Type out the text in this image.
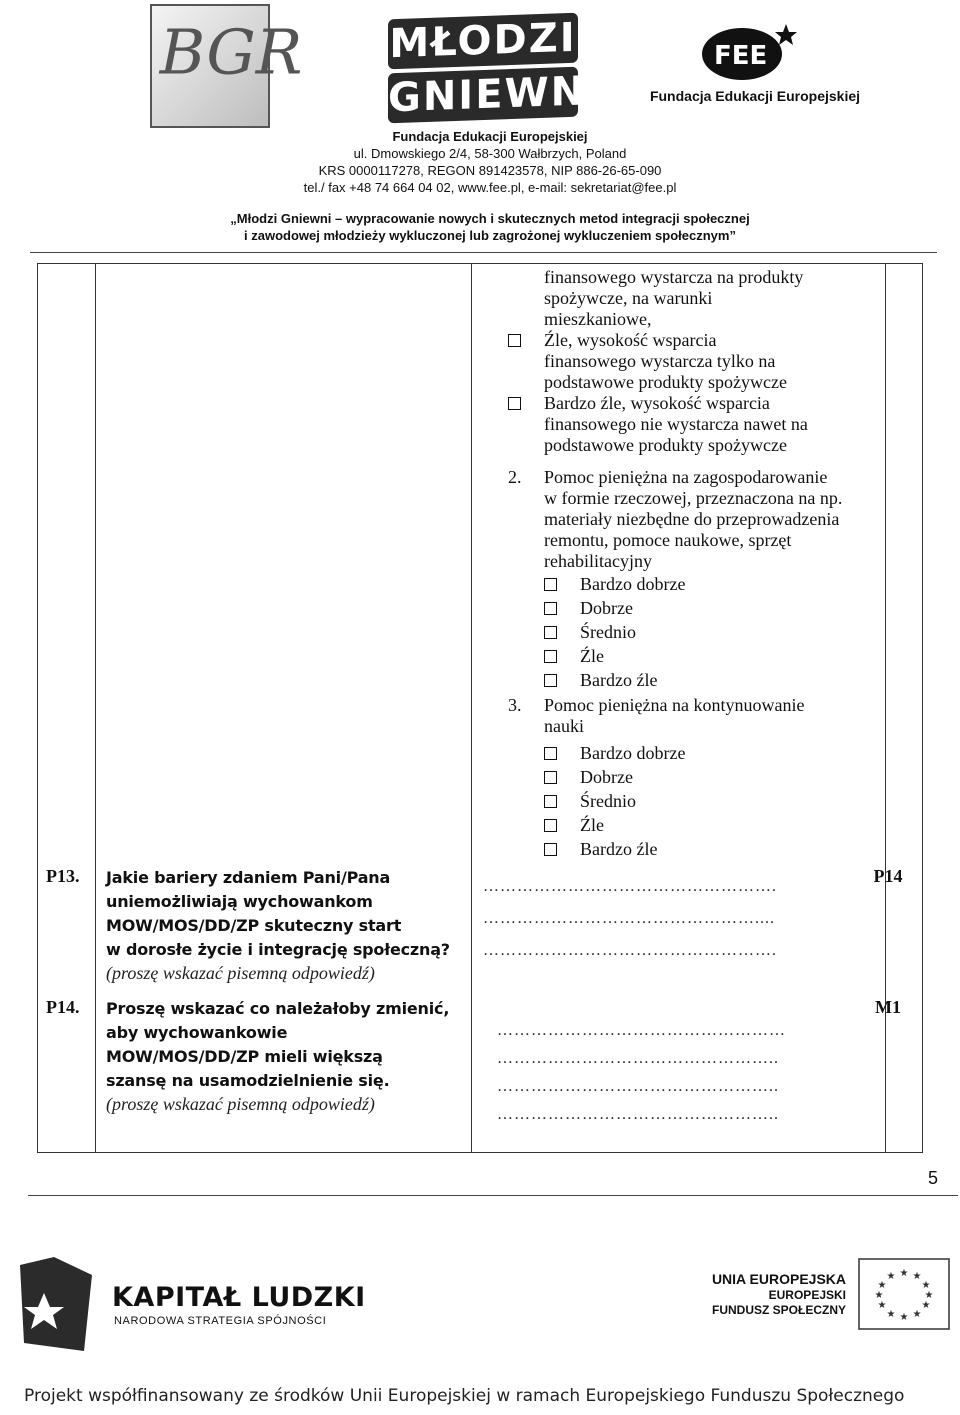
BGR MŁODZI
GNIEWNI
FEE
Fundacja Edukacji Europejskiej
Fundacja Edukacji Europejskiej
ul. Dmowskiego 2/4, 58-300 Wałbrzych, Poland
KRS 0000117278, REGON 891423578, NIP 886-26-65-090
tel./ fax +48 74 664 04 02, www.fee.pl, e-mail: sekretariat@fee.pl
„Młodzi Gniewni – wypracowanie nowych i skutecznych metod integracji społecznej
i zawodowej młodzieży wykluczonej lub zagrożonej wykluczeniem społecznym”
finansowego wystarcza na produkty
spożywcze, na warunki
mieszkaniowe,
Źle, wysokość wsparcia
finansowego wystarcza tylko na
podstawowe produkty spożywcze
Bardzo źle, wysokość wsparcia
finansowego nie wystarcza nawet na
podstawowe produkty spożywcze
2.	Pomoc pieniężna na zagospodarowanie
w formie rzeczowej, przeznaczona na np.
materiały niezbędne do przeprowadzenia
remontu, pomoce naukowe, sprzęt
rehabilitacyjny
Bardzo dobrze
Dobrze
Średnio
Źle
Bardzo źle
3.	Pomoc pieniężna na kontynuowanie
nauki
Bardzo dobrze
Dobrze
Średnio
Źle
Bardzo źle
P13. Jakie bariery zdaniem Pani/Pana
uniemożliwiają wychowankom
MOW/MOS/DD/ZP skuteczny start
w dorosłe życie i integrację społeczną?
(proszę wskazać pisemną odpowiedź)
…………………………………………….
…………………………………………....
…………………………………………….
P14
P14. Proszę wskazać co należałoby zmienić,
aby wychowankowie
MOW/MOS/DD/ZP mieli większą
szansę na usamodzielnienie się.
(proszę wskazać pisemną odpowiedź)
……………………………………………
…………………………………………..
…………………………………………..
…………………………………………..
M1
5
KAPITAŁ LUDZKI
NARODOWA STRATEGIA SPÓJNOŚCI
UNIA EUROPEJSKA
EUROPEJSKI
FUNDUSZ SPOŁECZNY
★ ★
★
★
★
★
★
★
★
★
★
★
Projekt współfinansowany ze środków Unii Europejskiej w ramach Europejskiego Funduszu Społecznego
